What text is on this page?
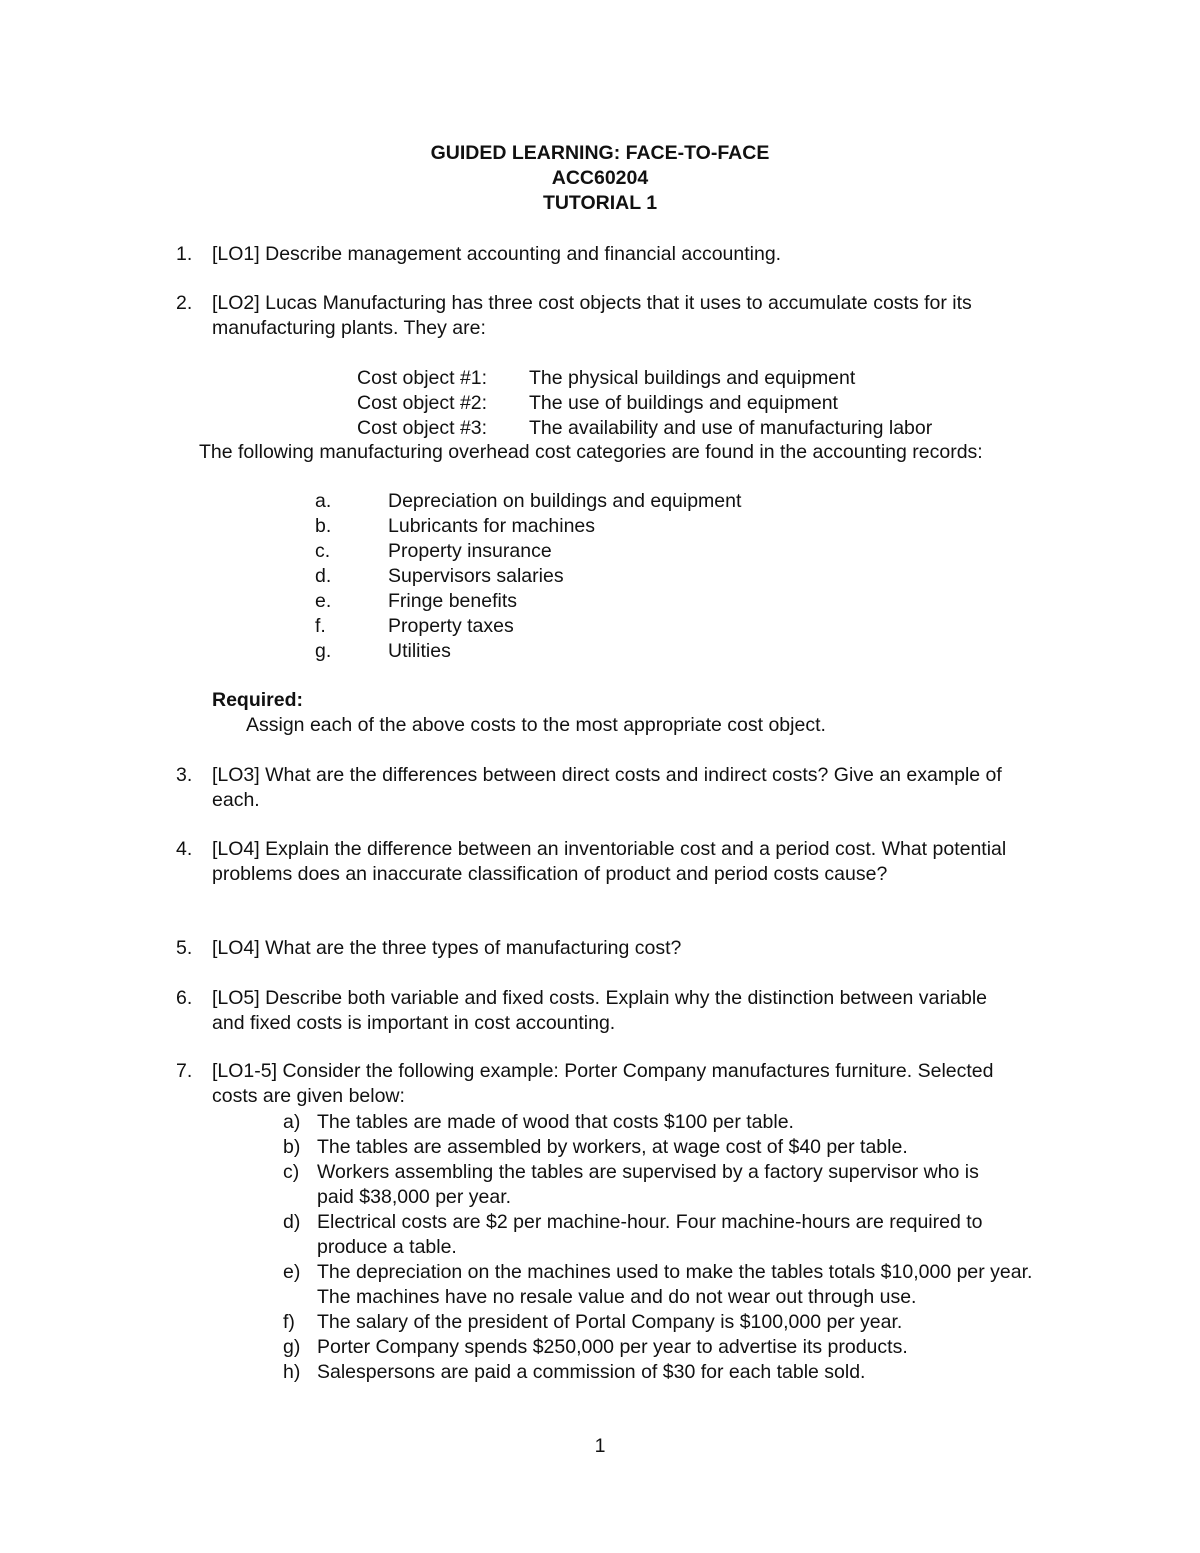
GUIDED LEARNING: FACE-TO-FACE
ACC60204
TUTORIAL 1
1.	[LO1] Describe management accounting and financial accounting.
2.	[LO2] Lucas Manufacturing has three cost objects that it uses to accumulate costs for its manufacturing plants. They are:
Cost object #1: The physical buildings and equipment
Cost object #2: The use of buildings and equipment
Cost object #3: The availability and use of manufacturing labor
The following manufacturing overhead cost categories are found in the accounting records:
a.	Depreciation on buildings and equipment
b.	Lubricants for machines
c.	Property insurance
d.	Supervisors salaries
e.	Fringe benefits
f.	Property taxes
g.	Utilities
Required:
Assign each of the above costs to the most appropriate cost object.
3.	[LO3] What are the differences between direct costs and indirect costs? Give an example of each.
4.	[LO4] Explain the difference between an inventoriable cost and a period cost. What potential problems does an inaccurate classification of product and period costs cause?
5.	[LO4] What are the three types of manufacturing cost?
6.	[LO5] Describe both variable and fixed costs. Explain why the distinction between variable and fixed costs is important in cost accounting.
7.	[LO1-5] Consider the following example: Porter Company manufactures furniture. Selected costs are given below:
a) The tables are made of wood that costs $100 per table.
b) The tables are assembled by workers, at wage cost of $40 per table.
c) Workers assembling the tables are supervised by a factory supervisor who is paid $38,000 per year.
d) Electrical costs are $2 per machine-hour. Four machine-hours are required to produce a table.
e) The depreciation on the machines used to make the tables totals $10,000 per year. The machines have no resale value and do not wear out through use.
f) The salary of the president of Portal Company is $100,000 per year.
g) Porter Company spends $250,000 per year to advertise its products.
h) Salespersons are paid a commission of $30 for each table sold.
1
